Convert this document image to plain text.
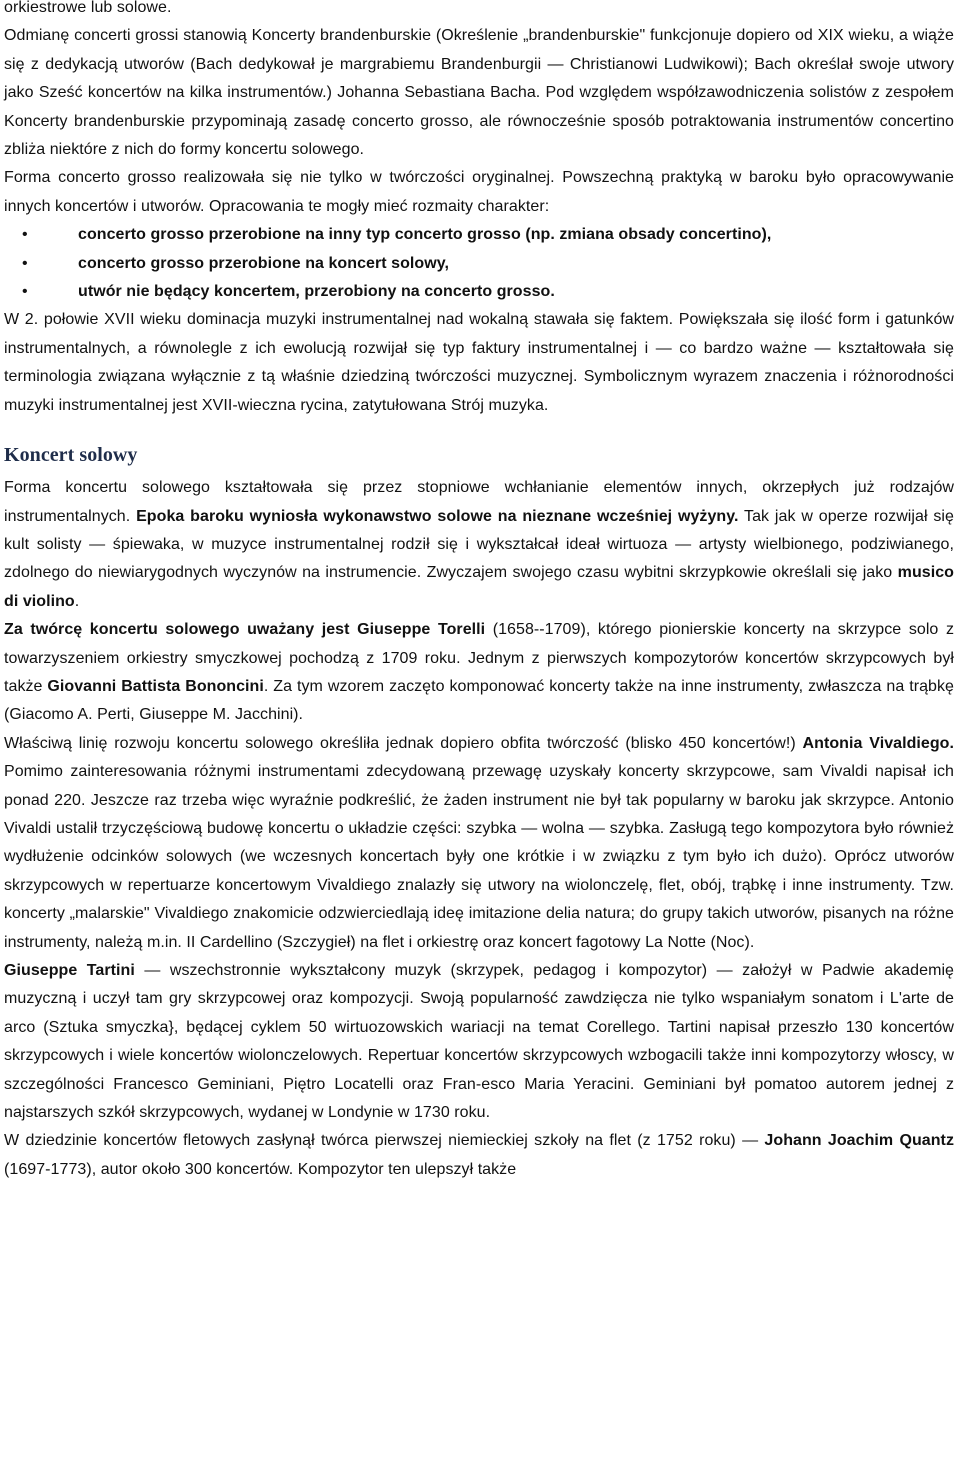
orkiestrowe lub solowe.

Odmianę concerti grossi stanowią Koncerty brandenburskie (Określenie „brandenburskie" funkcjonuje dopiero od XIX wieku, a wiąże się z dedykacją utworów (Bach dedykował je margrabiemu Brandenburgii — Christianowi Ludwikowi); Bach określał swoje utwory jako Sześć koncertów na kilka instrumentów.) Johanna Sebastiana Bacha. Pod względem współzawodniczenia solistów z zespołem Koncerty brandenburskie przypominają zasadę concerto grosso, ale równocześnie sposób potraktowania instrumentów concertino zbliża niektóre z nich do formy koncertu solowego.

Forma concerto grosso realizowała się nie tylko w twórczości oryginalnej. Powszechną praktyką w baroku było opracowywanie innych koncertów i utworów. Opracowania te mogły mieć rozmaity charakter:

•	concerto grosso przerobione na inny typ concerto grosso (np. zmiana obsady concertino),
•	concerto grosso przerobione na koncert solowy,
•	utwór nie będący koncertem, przerobiony na concerto grosso.

W 2. połowie XVII wieku dominacja muzyki instrumentalnej nad wokalną stawała się faktem. Powiększała się ilość form i gatunków instrumentalnych, a równolegle z ich ewolucją rozwijał się typ faktury instrumentalnej i — co bardzo ważne — kształtowała się terminologia związana wyłącznie z tą właśnie dziedziną twórczości muzycznej. Symbolicznym wyrazem znaczenia i różnorodności muzyki instrumentalnej jest XVII-wieczna rycina, zatytułowana Strój muzyka.

Koncert solowy

Forma koncertu solowego kształtowała się przez stopniowe wchłanianie elementów innych, okrzepłych już rodzajów instrumentalnych. Epoka baroku wyniosła wykonawstwo solowe na nieznane wcześniej wyżyny. Tak jak w operze rozwijał się kult solisty — śpiewaka, w muzyce instrumentalnej rodził się i wykształcał ideał wirtuoza — artysty wielbionego, podziwianego, zdolnego do niewiarygodnych wyczynów na instrumencie. Zwyczajem swojego czasu wybitni skrzypkowie określali się jako musico di violino.

Za twórcę koncertu solowego uważany jest Giuseppe Torelli (1658--1709), którego pionierskie koncerty na skrzypce solo z towarzyszeniem orkiestry smyczkowej pochodzą z 1709 roku. Jednym z pierwszych kompozytorów koncertów skrzypcowych był także Giovanni Battista Bononcini. Za tym wzorem zaczęto komponować koncerty także na inne instrumenty, zwłaszcza na trąbkę (Giacomo A. Perti, Giuseppe M. Jacchini).

Właściwą linię rozwoju koncertu solowego określiła jednak dopiero obfita twórczość (blisko 450 koncertów!) Antonia Vivaldiego. Pomimo zainteresowania różnymi instrumentami zdecydowaną przewagę uzyskały koncerty skrzypcowe, sam Vivaldi napisał ich ponad 220. Jeszcze raz trzeba więc wyraźnie podkreślić, że żaden instrument nie był tak popularny w baroku jak skrzypce. Antonio Vivaldi ustalił trzyczęściową budowę koncertu o układzie części: szybka — wolna — szybka. Zasługą tego kompozytora było również wydłużenie odcinków solowych (we wczesnych koncertach były one krótkie i w związku z tym było ich dużo). Oprócz utworów skrzypcowych w repertuarze koncertowym Vivaldiego znalazły się utwory na wiolonczelę, flet, obój, trąbkę i inne instrumenty. Tzw. koncerty „malarskie" Vivaldiego znakomicie odzwierciedlają ideę imitazione delia natura; do grupy takich utworów, pisanych na różne instrumenty, należą m.in. II Cardellino (Szczygieł) na flet i orkiestrę oraz koncert fagotowy La Notte (Noc).

Giuseppe Tartini — wszechstronnie wykształcony muzyk (skrzypek, pedagog i kompozytor) — założył w Padwie akademię muzyczną i uczył tam gry skrzypcowej oraz kompozycji. Swoją popularność zawdzięcza nie tylko wspaniałym sonatom i L'arte de arco (Sztuka smyczka}, będącej cyklem 50 wirtuozowskich wariacji na temat Corellego. Tartini napisał przeszło 130 koncertów skrzypcowych i wiele koncertów wiolonczelowych. Repertuar koncertów skrzypcowych wzbogacili także inni kompozytorzy włoscy, w szczególności Francesco Geminiani, Piętro Locatelli oraz Fran-esco Maria Yeracini. Geminiani był pomatoo autorem jednej z najstarszych szkół skrzypcowych, wydanej w Londynie w 1730 roku.

W dziedzinie koncertów fletowych zasłynął twórca pierwszej niemieckiej szkoły na flet (z 1752 roku) — Johann Joachim Quantz (1697-1773), autor około 300 koncertów. Kompozytor ten ulepszył także
